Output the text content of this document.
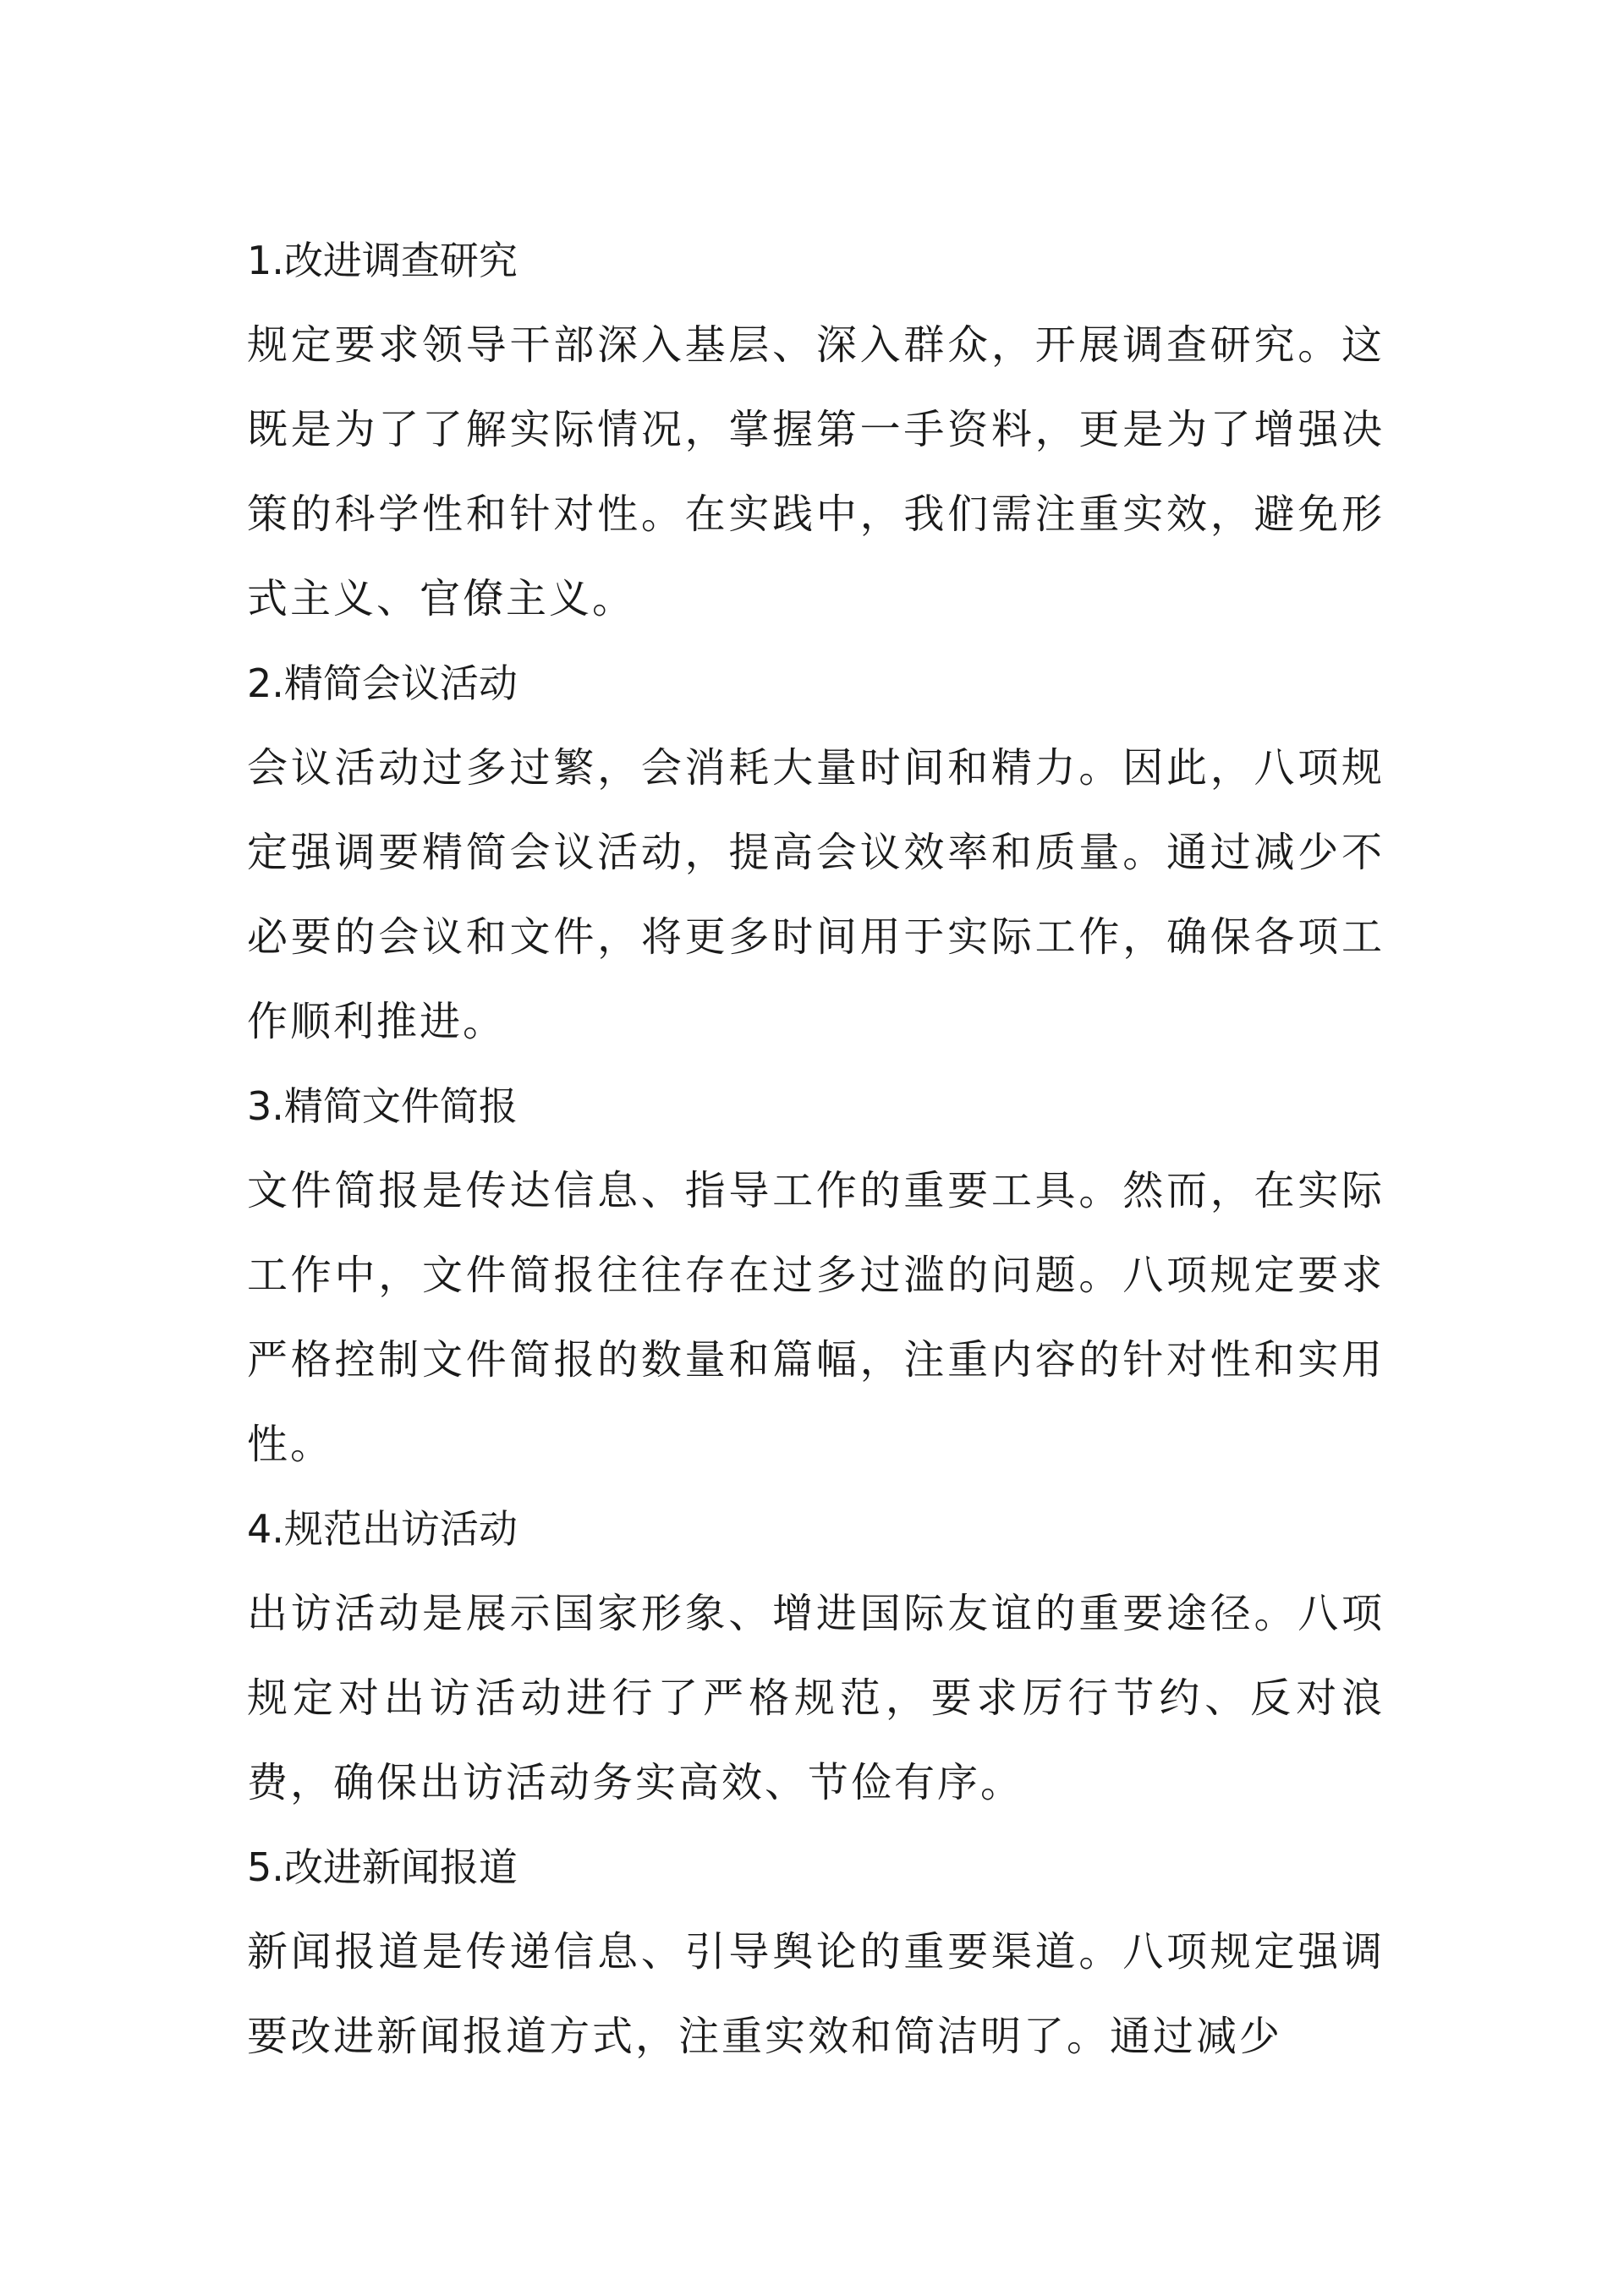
1.改进调查研究

规定要求领导干部深入基层、深入群众，开展调查研究。这既是为了了解实际情况，掌握第一手资料，更是为了增强决策的科学性和针对性。在实践中，我们需注重实效，避免形式主义、官僚主义。

2.精简会议活动

会议活动过多过繁，会消耗大量时间和精力。因此，八项规定强调要精简会议活动，提高会议效率和质量。通过减少不必要的会议和文件，将更多时间用于实际工作，确保各项工作顺利推进。

3.精简文件简报

文件简报是传达信息、指导工作的重要工具。然而，在实际工作中，文件简报往往存在过多过滥的问题。八项规定要求严格控制文件简报的数量和篇幅，注重内容的针对性和实用性。

4.规范出访活动

出访活动是展示国家形象、增进国际友谊的重要途径。八项规定对出访活动进行了严格规范，要求厉行节约、反对浪费，确保出访活动务实高效、节俭有序。

5.改进新闻报道

新闻报道是传递信息、引导舆论的重要渠道。八项规定强调要改进新闻报道方式，注重实效和简洁明了。通过减少
